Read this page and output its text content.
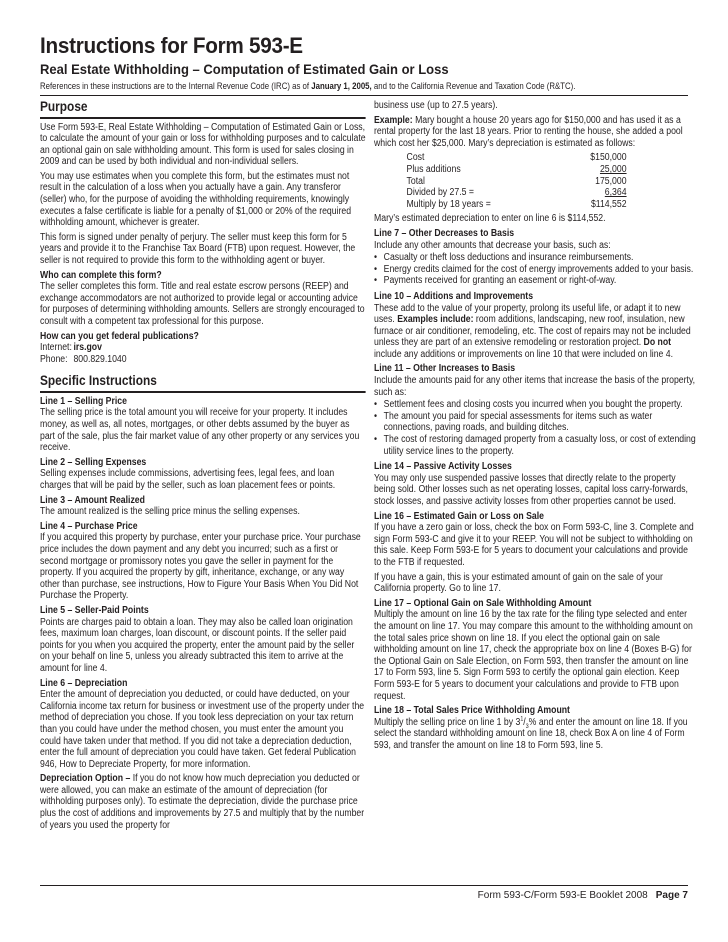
Instructions for Form 593-E
Real Estate Withholding – Computation of Estimated Gain or Loss
References in these instructions are to the Internal Revenue Code (IRC) as of January 1, 2005, and to the California Revenue and Taxation Code (R&TC).
Purpose

Use Form 593-E, Real Estate Withholding – Computation of Estimated Gain or Loss, to calculate the amount of your gain or loss for withholding purposes and to calculate an optional gain on sale withholding amount. This form is used for sales closing in 2009 and can be used by both individual and non-individual sellers.

You may use estimates when you complete this form, but the estimates must not result in the calculation of a loss when you actually have a gain. Any transferor (seller) who, for the purpose of avoiding the withholding requirements, knowingly executes a false certificate is liable for a penalty of $1,000 or 20% of the required withholding amount, whichever is greater.

This form is signed under penalty of perjury. The seller must keep this form for 5 years and provide it to the Franchise Tax Board (FTB) upon request. However, the seller is not required to provide this form to the withholding agent or buyer.

Who can complete this form?

The seller completes this form. Title and real estate escrow persons (REEP) and exchange accommodators are not authorized to provide legal or accounting advice for purposes of determining withholding amounts. Sellers are strongly encouraged to consult with a competent tax professional for this purpose.

How can you get federal publications?
Internet: irs.gov
Phone: 800.829.1040
Specific Instructions
Line 1 – Selling Price

The selling price is the total amount you will receive for your property. It includes money, as well as, all notes, mortgages, or other debts assumed by the buyer as part of the sale, plus the fair market value of any other property or any services you receive.

Line 2 – Selling Expenses

Selling expenses include commissions, advertising fees, legal fees, and loan charges that will be paid by the seller, such as loan placement fees or points.

Line 3 – Amount Realized

The amount realized is the selling price minus the selling expenses.

Line 4 – Purchase Price

If you acquired this property by purchase, enter your purchase price. Your purchase price includes the down payment and any debt you incurred; such as a first or second mortgage or promissory notes you gave the seller in payment for the property. If you acquired the property by gift, inheritance, exchange, or any way other than purchase, see instructions, How to Figure Your Basis When You Did Not Purchase the Property.

Line 5 – Seller-Paid Points

Points are charges paid to obtain a loan. They may also be called loan origination fees, maximum loan charges, loan discount, or discount points. If the seller paid points for you when you acquired the property, enter the amount paid by the seller on your behalf on line 5, unless you already subtracted this item to arrive at the amount for line 4.

Line 6 – Depreciation

Enter the amount of depreciation you deducted, or could have deducted, on your California income tax return for business or investment use of the property under the method of depreciation you chose. If you took less depreciation on your tax return than you could have under the method chosen, you must enter the amount you could have taken under that method. If you did not take a depreciation deduction, enter the full amount of depreciation you could have taken. Get federal Publication 946, How to Depreciate Property, for more information.

Depreciation Option – If you do not know how much depreciation you deducted or were allowed, you can make an estimate of the amount of depreciation (for withholding purposes only). To estimate the depreciation, divide the purchase price plus the cost of additions and improvements by 27.5 and multiply that by the number of years you used the property for

business use (up to 27.5 years).

Example: Mary bought a house 20 years ago for $150,000 and has used it as a rental property for the last 18 years. Prior to renting the house, she added a pool which cost her $25,000. Mary’s depreciation is estimated as follows:

Cost	$150,000
Plus additions	25,000
Total	175,000
Divided by 27.5 =	6,364
Multiply by 18 years =	$114,552

Mary’s estimated depreciation to enter on line 6 is $114,552.

Line 7 – Other Decreases to Basis
Include any other amounts that decrease your basis, such as:
• Casualty or theft loss deductions and insurance reimbursements.
• Energy credits claimed for the cost of energy improvements added to your basis.
• Payments received for granting an easement or right-of-way.
Line 10 – Additions and Improvements

These add to the value of your property, prolong its useful life, or adapt it to new uses. Examples include: room additions, landscaping, new roof, insulation, new furnace or air conditioner, remodeling, etc. The cost of repairs may not be included unless they are part of an extensive remodeling or restoration project. Do not include any additions or improvements on line 10 that were included on line 4.

Line 11 – Other Increases to Basis
Include the amounts paid for any other items that increase the basis of the property, such as:
• Settlement fees and closing costs you incurred when you bought the property.
• The amount you paid for special assessments for items such as water connections, paving roads, and building ditches.
• The cost of restoring damaged property from a casualty loss, or cost of extending utility service lines to the property.
Line 14 – Passive Activity Losses

You may only use suspended passive losses that directly relate to the property being sold. Other losses such as net operating losses, capital loss carry-forwards, stock losses, and passive activity losses from other properties cannot be used.

Line 16 – Estimated Gain or Loss on Sale

If you have a zero gain or loss, check the box on Form 593-C, line 3. Complete and sign Form 593-C and give it to your REEP. You will not be subject to withholding on this sale. Keep Form 593-E for 5 years to document your calculations and provide to the FTB if requested.

If you have a gain, this is your estimated amount of gain on the sale of your California property. Go to line 17.

Line 17 – Optional Gain on Sale Withholding Amount

Multiply the amount on line 16 by the tax rate for the filing type selected and enter the amount on line 17. You may compare this amount to the withholding amount on the total sales price shown on line 18. If you elect the optional gain on sale withholding amount on line 17, check the appropriate box on line 4 (Boxes B-G) for the Optional Gain on Sale Election, on Form 593, then transfer the amount on line 17 to Form 593, line 5. Sign Form 593 to certify the optional gain election. Keep Form 593-E for 5 years to document your calculations and provide to FTB upon request.

Line 18 – Total Sales Price Withholding Amount

Multiply the selling price on line 1 by $3^1/_3\%$ and enter the amount on line 18. If you select the standard withholding amount on line 18, check Box A on line 4 of Form 593, and transfer the amount on line 18 to Form 593, line 5.

Form 593-C/Form 593-E Booklet 2008 Page 7
